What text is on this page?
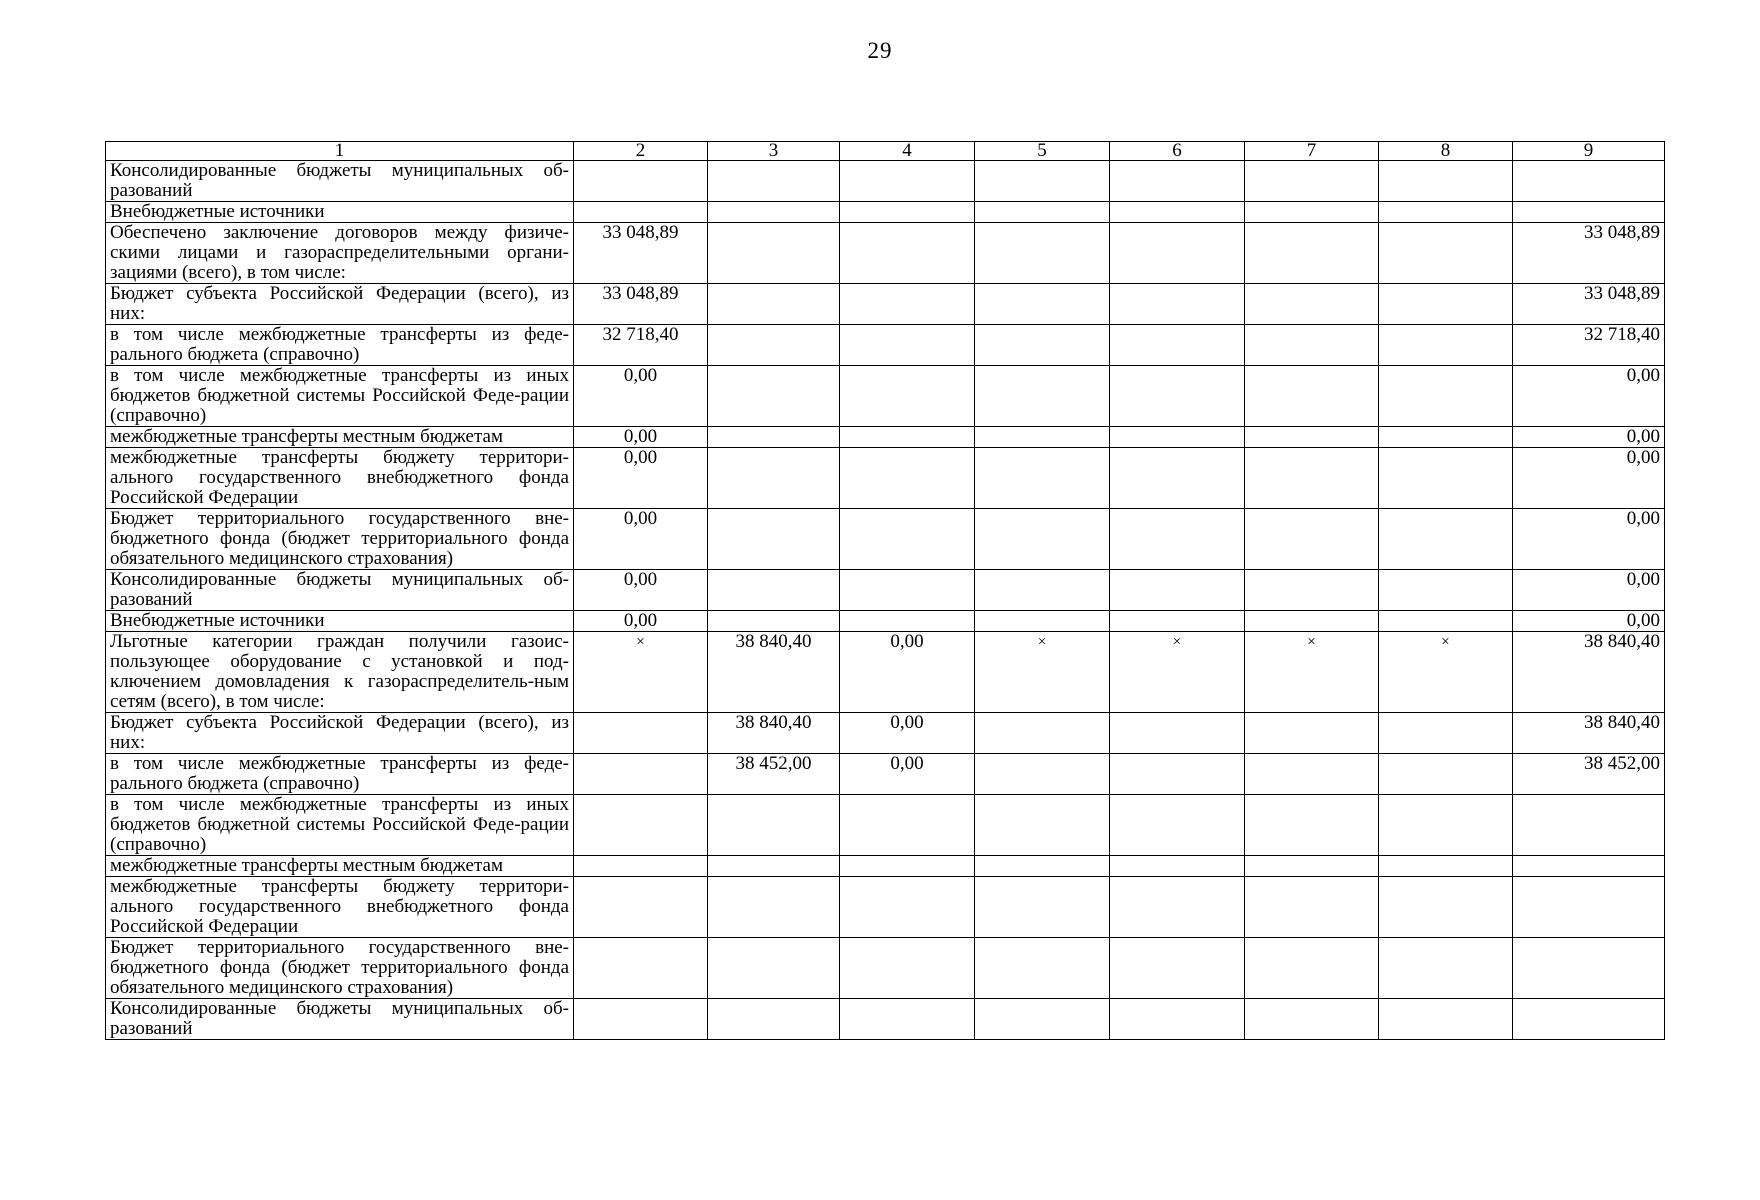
29
1	2	3	4	5	6	7	8	9
Консолидированные бюджеты муниципальных об-разований								
Внебюджетные источники								
Обеспечено заключение договоров между физиче-скими лицами и газораспределительными органи-зациями (всего), в том числе:	33 048,89							33 048,89
Бюджет субъекта Российской Федерации (всего), из них:	33 048,89							33 048,89
в том числе межбюджетные трансферты из феде-рального бюджета (справочно)	32 718,40							32 718,40
в том числе межбюджетные трансферты из иных бюджетов бюджетной системы Российской Феде-рации (справочно)	0,00							0,00
межбюджетные трансферты местным бюджетам	0,00							0,00
межбюджетные трансферты бюджету территори-ального государственного внебюджетного фонда Российской Федерации	0,00							0,00
Бюджет территориального государственного вне-бюджетного фонда (бюджет территориального фонда обязательного медицинского страхования)	0,00							0,00
Консолидированные бюджеты муниципальных об-разований	0,00							0,00
Внебюджетные источники	0,00							0,00
Льготные категории граждан получили газоис-пользующее оборудование с установкой и под-ключением домовладения к газораспределитель-ным сетям (всего), в том числе:	×	38 840,40	0,00	×	×	×	×	38 840,40
Бюджет субъекта Российской Федерации (всего), из них:		38 840,40	0,00					38 840,40
в том числе межбюджетные трансферты из феде-рального бюджета (справочно)		38 452,00	0,00					38 452,00
в том числе межбюджетные трансферты из иных бюджетов бюджетной системы Российской Феде-рации (справочно)								
межбюджетные трансферты местным бюджетам								
межбюджетные трансферты бюджету территори-ального государственного внебюджетного фонда Российской Федерации								
Бюджет территориального государственного вне-бюджетного фонда (бюджет территориального фонда обязательного медицинского страхования)								
Консолидированные бюджеты муниципальных об-разований								
